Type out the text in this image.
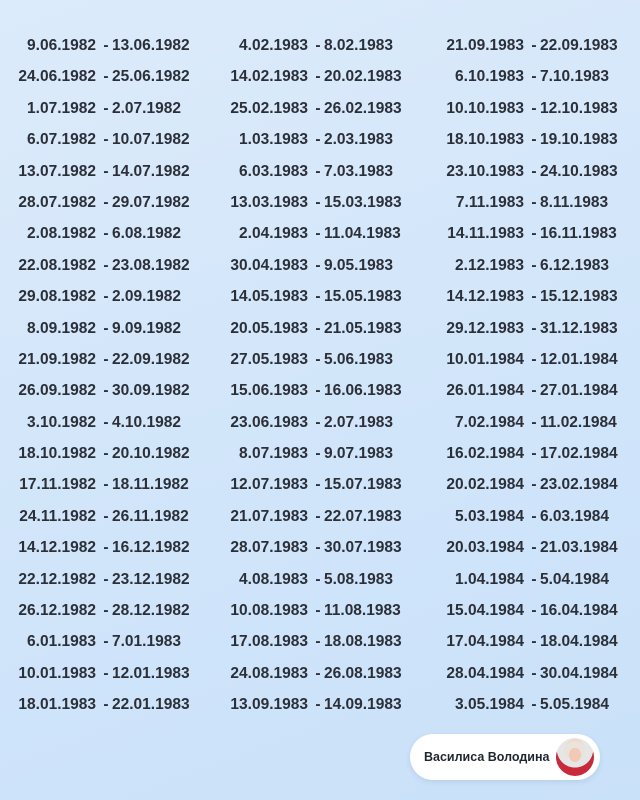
9.06.1982 - 13.06.1982	4.02.1983 - 8.02.1983	21.09.1983 - 22.09.1983
24.06.1982 - 25.06.1982	14.02.1983 - 20.02.1983	6.10.1983 - 7.10.1983
1.07.1982 - 2.07.1982	25.02.1983 - 26.02.1983	10.10.1983 - 12.10.1983
6.07.1982 - 10.07.1982	1.03.1983 - 2.03.1983	18.10.1983 - 19.10.1983
13.07.1982 - 14.07.1982	6.03.1983 - 7.03.1983	23.10.1983 - 24.10.1983
28.07.1982 - 29.07.1982	13.03.1983 - 15.03.1983	7.11.1983 - 8.11.1983
2.08.1982 - 6.08.1982	2.04.1983 - 11.04.1983	14.11.1983 - 16.11.1983
22.08.1982 - 23.08.1982	30.04.1983 - 9.05.1983	2.12.1983 - 6.12.1983
29.08.1982 - 2.09.1982	14.05.1983 - 15.05.1983	14.12.1983 - 15.12.1983
8.09.1982 - 9.09.1982	20.05.1983 - 21.05.1983	29.12.1983 - 31.12.1983
21.09.1982 - 22.09.1982	27.05.1983 - 5.06.1983	10.01.1984 - 12.01.1984
26.09.1982 - 30.09.1982	15.06.1983 - 16.06.1983	26.01.1984 - 27.01.1984
3.10.1982 - 4.10.1982	23.06.1983 - 2.07.1983	7.02.1984 - 11.02.1984
18.10.1982 - 20.10.1982	8.07.1983 - 9.07.1983	16.02.1984 - 17.02.1984
17.11.1982 - 18.11.1982	12.07.1983 - 15.07.1983	20.02.1984 - 23.02.1984
24.11.1982 - 26.11.1982	21.07.1983 - 22.07.1983	5.03.1984 - 6.03.1984
14.12.1982 - 16.12.1982	28.07.1983 - 30.07.1983	20.03.1984 - 21.03.1984
22.12.1982 - 23.12.1982	4.08.1983 - 5.08.1983	1.04.1984 - 5.04.1984
26.12.1982 - 28.12.1982	10.08.1983 - 11.08.1983	15.04.1984 - 16.04.1984
6.01.1983 - 7.01.1983	17.08.1983 - 18.08.1983	17.04.1984 - 18.04.1984
10.01.1983 - 12.01.1983	24.08.1983 - 26.08.1983	28.04.1984 - 30.04.1984
18.01.1983 - 22.01.1983	13.09.1983 - 14.09.1983	3.05.1984 - 5.05.1984
Василиса Володина
